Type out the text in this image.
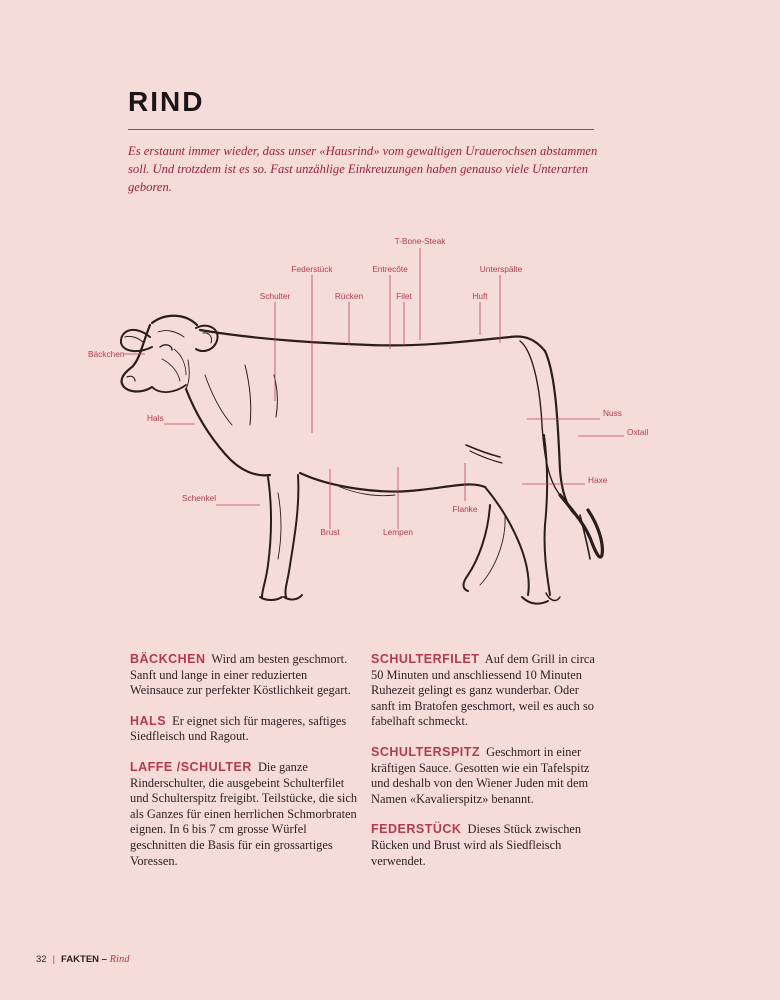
RIND

Es erstaunt immer wieder, dass unser «Hausrind» vom gewaltigen Urauerochsen abstammen soll. Und trotzdem ist es so. Fast unzählige Einkreuzungen haben genauso viele Unterarten geboren.

T-Bone-Steak
Federstück	Entrecôte	Unterspälte
Schulter	Rücken	Filet	Huft
Bäckchen
Hals	Nuss
Oxtail
Haxe
Schenkel
Flanke
Brust	Lempen

BÄCKCHEN Wird am besten geschmort. Sanft und lange in einer reduzierten Weinsauce zur perfekter Köstlichkeit gegart.

HALS Er eignet sich für mageres, saftiges Siedfleisch und Ragout.

LAFFE /SCHULTER Die ganze Rinderschulter, die ausgebeint Schulterfilet und Schulterspitz freigibt. Teilstücke, die sich als Ganzes für einen herrlichen Schmorbraten eignen. In 6 bis 7 cm grosse Würfel geschnitten die Basis für ein grossartiges Voressen.

SCHULTERFILET Auf dem Grill in circa 50 Minuten und anschliessend 10 Minuten Ruhezeit gelingt es ganz wunderbar. Oder sanft im Bratofen geschmort, weil es auch so fabelhaft schmeckt.

SCHULTERSPITZ Geschmort in einer kräftigen Sauce. Gesotten wie ein Tafelspitz und deshalb von den Wiener Juden mit dem Namen «Kavalierspitz» benannt.

FEDERSTÜCK Dieses Stück zwischen Rücken und Brust wird als Siedfleisch verwendet.

32 | FAKTEN – Rind
